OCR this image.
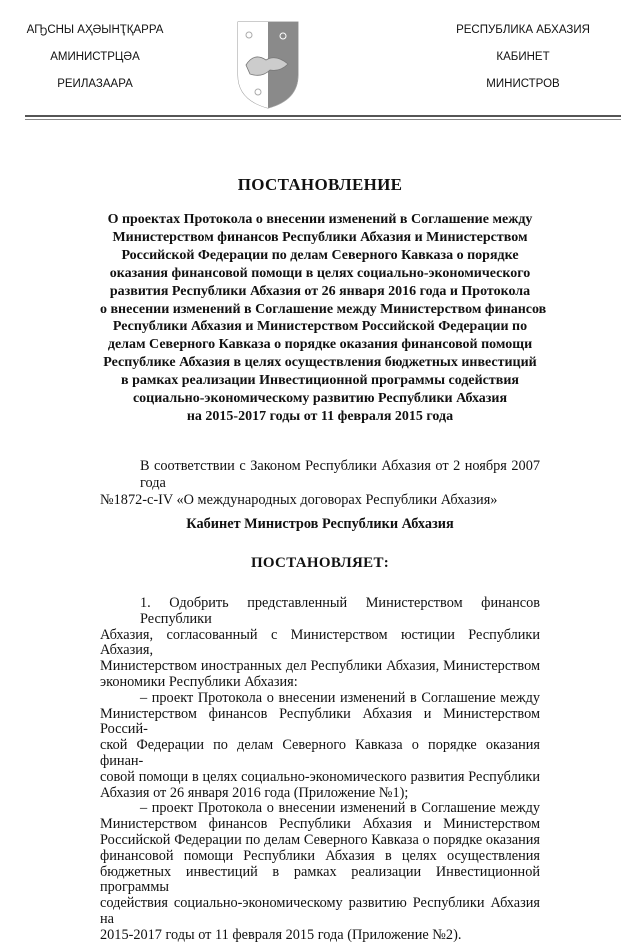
АҦСНЫ АҲӘЫНҬҚАРРА
АМИНИСТРЦӘА
РЕИЛАЗААРА
РЕСПУБЛИКА АБХАЗИЯ
КАБИНЕТ
МИНИСТРОВ
ПОСТАНОВЛЕНИЕ
О проектах Протокола о внесении изменений в Соглашение между
Министерством финансов Республики Абхазия и Министерством
Российской Федерации по делам Северного Кавказа о порядке
оказания финансовой помощи в целях социально-экономического
развития Республики Абхазия от 26 января 2016 года и Протокола
о внесении изменений в Соглашение между Министерством финансов
Республики Абхазия и Министерством Российской Федерации по
делам Северного Кавказа о порядке оказания финансовой помощи
Республике Абхазия в целях осуществления бюджетных инвестиций
в рамках реализации Инвестиционной программы содействия
социально-экономическому развитию Республики Абхазия
на 2015-2017 годы от 11 февраля 2015 года
В соответствии с Законом Республики Абхазия от 2 ноября 2007 года
№1872-с-IV «О международных договорах Республики Абхазия»
Кабинет Министров Республики Абхазия
ПОСТАНОВЛЯЕТ:
1. Одобрить представленный Министерством финансов Республики
Абхазия, согласованный с Министерством юстиции Республики Абхазия,
Министерством иностранных дел Республики Абхазия, Министерством
экономики Республики Абхазия:
– проект Протокола о внесении изменений в Соглашение между
Министерством финансов Республики Абхазия и Министерством Россий-
ской Федерации по делам Северного Кавказа о порядке оказания финан-
совой помощи в целях социально-экономического развития Республики
Абхазия от 26 января 2016 года (Приложение №1);
– проект Протокола о внесении изменений в Соглашение между
Министерством финансов Республики Абхазия и Министерством
Российской Федерации по делам Северного Кавказа о порядке оказания
финансовой помощи Республики Абхазия в целях осуществления
бюджетных инвестиций в рамках реализации Инвестиционной программы
содействия социально-экономическому развитию Республики Абхазия на
2015-2017 годы от 11 февраля 2015 года (Приложение №2).
